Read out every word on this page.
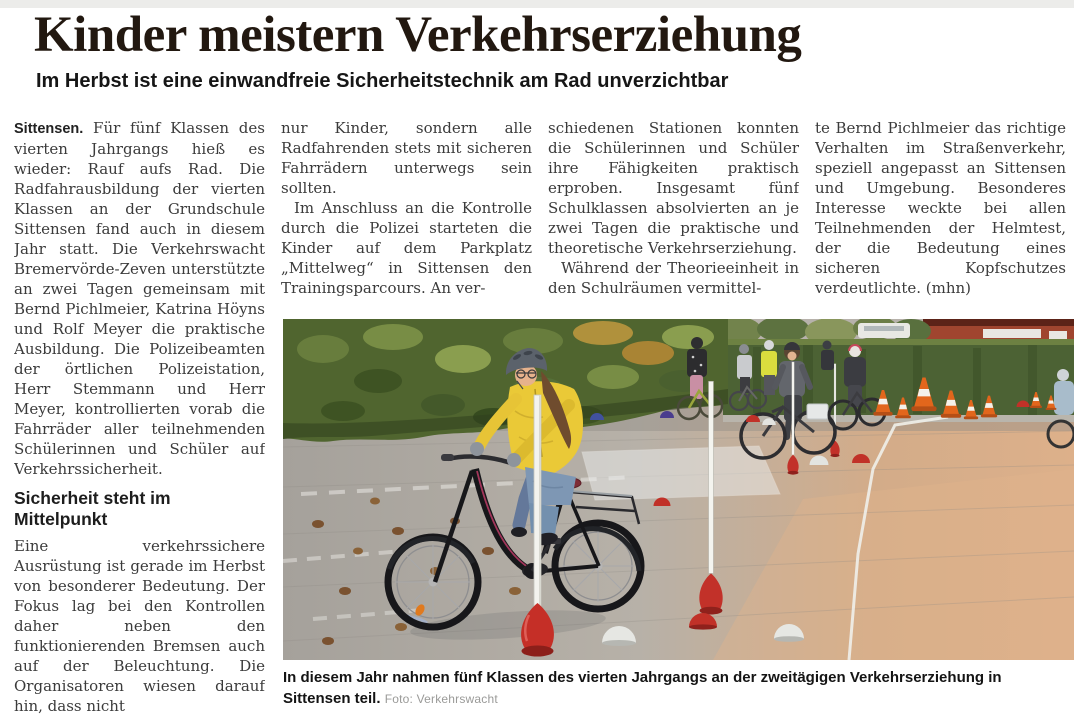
Kinder meistern Verkehrserziehung
Im Herbst ist eine einwandfreie Sicherheitstechnik am Rad unverzichtbar

Sittensen. Für fünf Klassen des vierten Jahrgangs hieß es wieder: Rauf aufs Rad. Die Radfahrausbildung der vierten Klassen an der Grundschule Sittensen fand auch in diesem Jahr statt. Die Verkehrswacht Bremervörde-Zeven unterstützte an zwei Tagen gemeinsam mit Bernd Pichlmeier, Katrina Höyns und Rolf Meyer die praktische Ausbildung. Die Polizeibeamten der örtlichen Polizeistation, Herr Stemmann und Herr Meyer, kontrollierten vorab die Fahrräder aller teilnehmenden Schülerinnen und Schüler auf Verkehrssicherheit.

Sicherheit steht im Mittelpunkt

Eine verkehrssichere Ausrüstung ist gerade im Herbst von besonderer Bedeutung. Der Fokus lag bei den Kontrollen daher neben den funktionierenden Bremsen auch auf der Beleuchtung. Die Organisatoren wiesen darauf hin, dass nicht

nur Kinder, sondern alle Radfahrenden stets mit sicheren Fahrrädern unterwegs sein sollten.

Im Anschluss an die Kontrolle durch die Polizei starteten die Kinder auf dem Parkplatz „Mittelweg“ in Sittensen den Trainingsparcours. An ver-

schiedenen Stationen konnten die Schülerinnen und Schüler ihre Fähigkeiten praktisch erproben. Insgesamt fünf Schulklassen absolvierten an je zwei Tagen die praktische und theoretische Verkehrserziehung.

Während der Theorieeinheit in den Schulräumen vermittel-

te Bernd Pichlmeier das richtige Verhalten im Straßenverkehr, speziell angepasst an Sittensen und Umgebung. Besonderes Interesse weckte bei allen Teilnehmenden der Helmtest, der die Bedeutung eines sicheren Kopfschutzes verdeutlichte. (mhn)

In diesem Jahr nahmen fünf Klassen des vierten Jahrgangs an der zweitägigen Verkehrserziehung in Sittensen teil. Foto: Verkehrswacht
